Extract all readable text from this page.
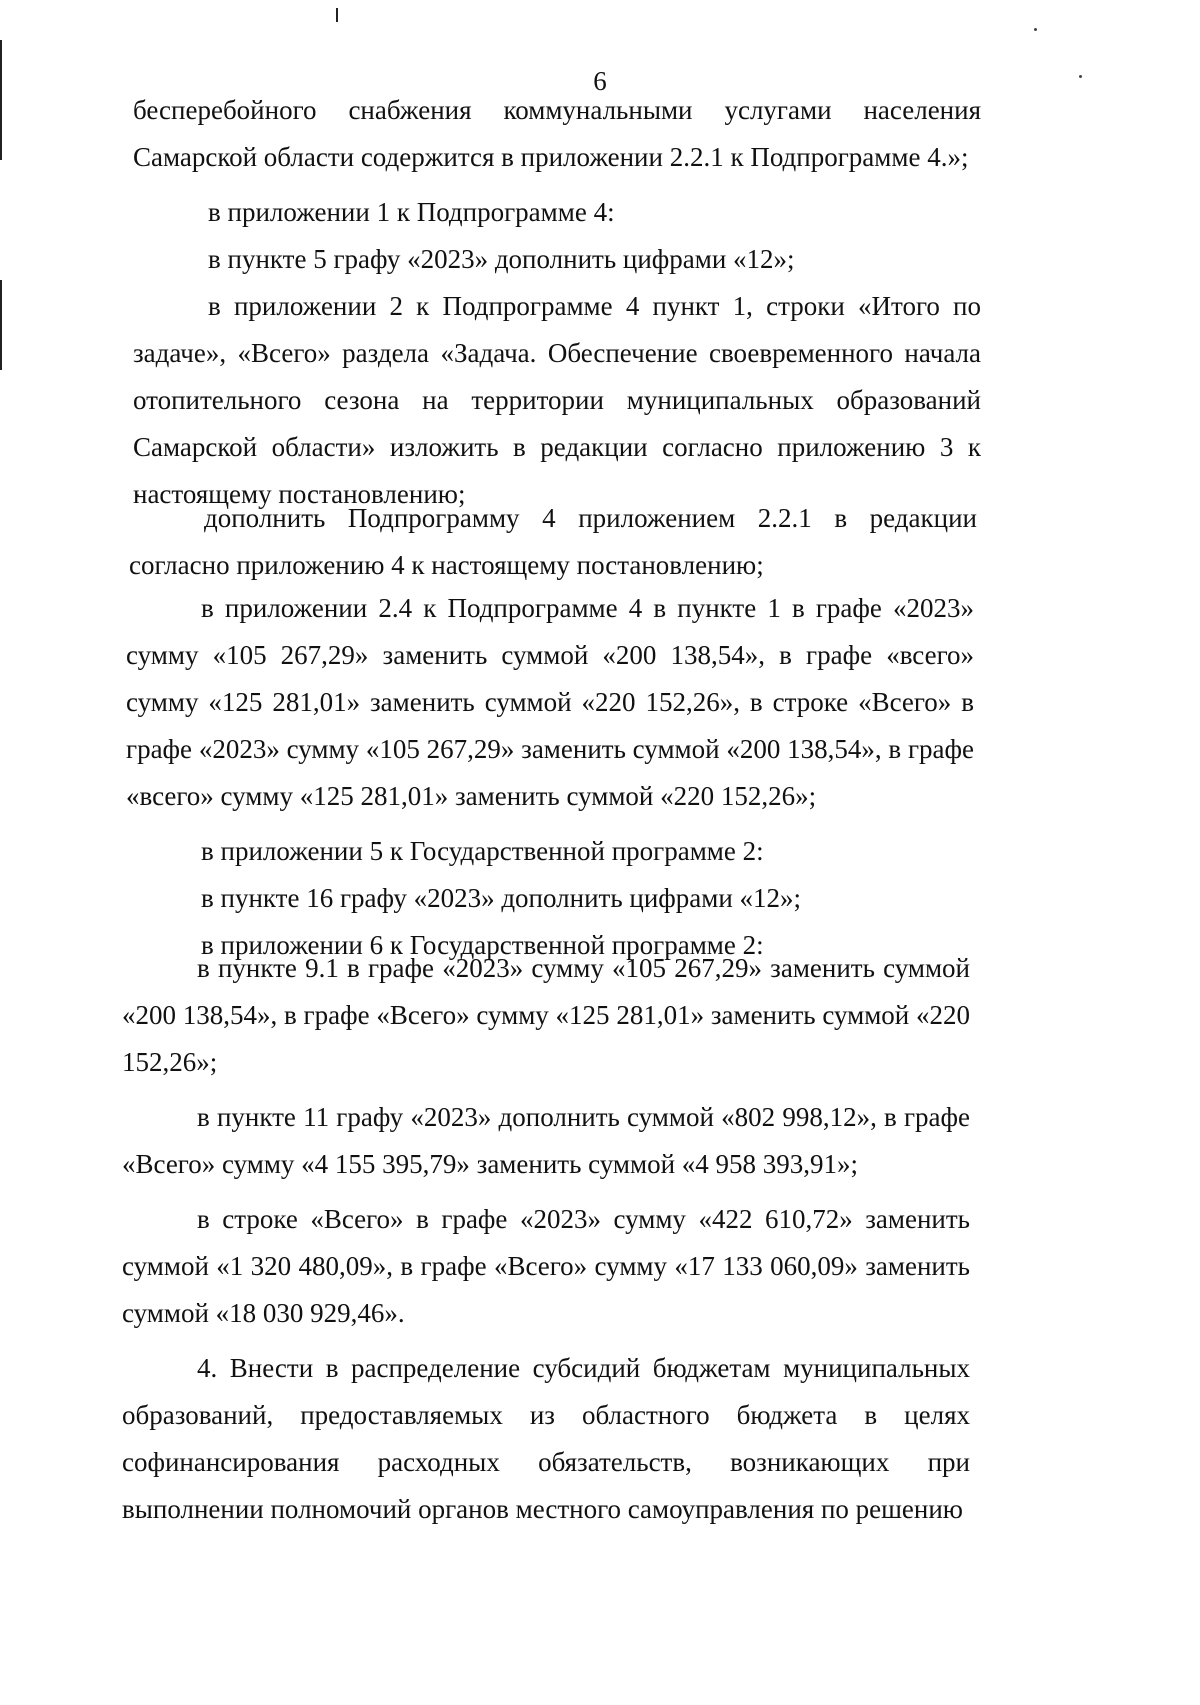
6

бесперебойного снабжения коммунальными услугами населения Самарской области содержится в приложении 2.2.1 к Подпрограмме 4.»;

в приложении 1 к Подпрограмме 4:

в пункте 5 графу «2023» дополнить цифрами «12»;

в приложении 2 к Подпрограмме 4 пункт 1, строки «Итого по задаче», «Всего» раздела «Задача. Обеспечение своевременного начала отопительного сезона на территории муниципальных образований Самарской области» изложить в редакции согласно приложению 3 к настоящему постановлению;

дополнить Подпрограмму 4 приложением 2.2.1 в редакции согласно приложению 4 к настоящему постановлению;

в приложении 2.4 к Подпрограмме 4 в пункте 1 в графе «2023» сумму «105 267,29» заменить суммой «200 138,54», в графе «всего» сумму «125 281,01» заменить суммой «220 152,26», в строке «Всего» в графе «2023» сумму «105 267,29» заменить суммой «200 138,54», в графе «всего» сумму «125 281,01» заменить суммой «220 152,26»;

в приложении 5 к Государственной программе 2:

в пункте 16 графу «2023» дополнить цифрами «12»;

в приложении 6 к Государственной программе 2:

в пункте 9.1 в графе «2023» сумму «105 267,29» заменить суммой «200 138,54», в графе «Всего» сумму «125 281,01» заменить суммой «220 152,26»;

в пункте 11 графу «2023» дополнить суммой «802 998,12», в графе «Всего» сумму «4 155 395,79» заменить суммой «4 958 393,91»;

в строке «Всего» в графе «2023» сумму «422 610,72» заменить суммой «1 320 480,09», в графе «Всего» сумму «17 133 060,09» заменить суммой «18 030 929,46».

4. Внести в распределение субсидий бюджетам муниципальных образований, предоставляемых из областного бюджета в целях софинансирования расходных обязательств, возникающих при выполнении полномочий органов местного самоуправления по решению
